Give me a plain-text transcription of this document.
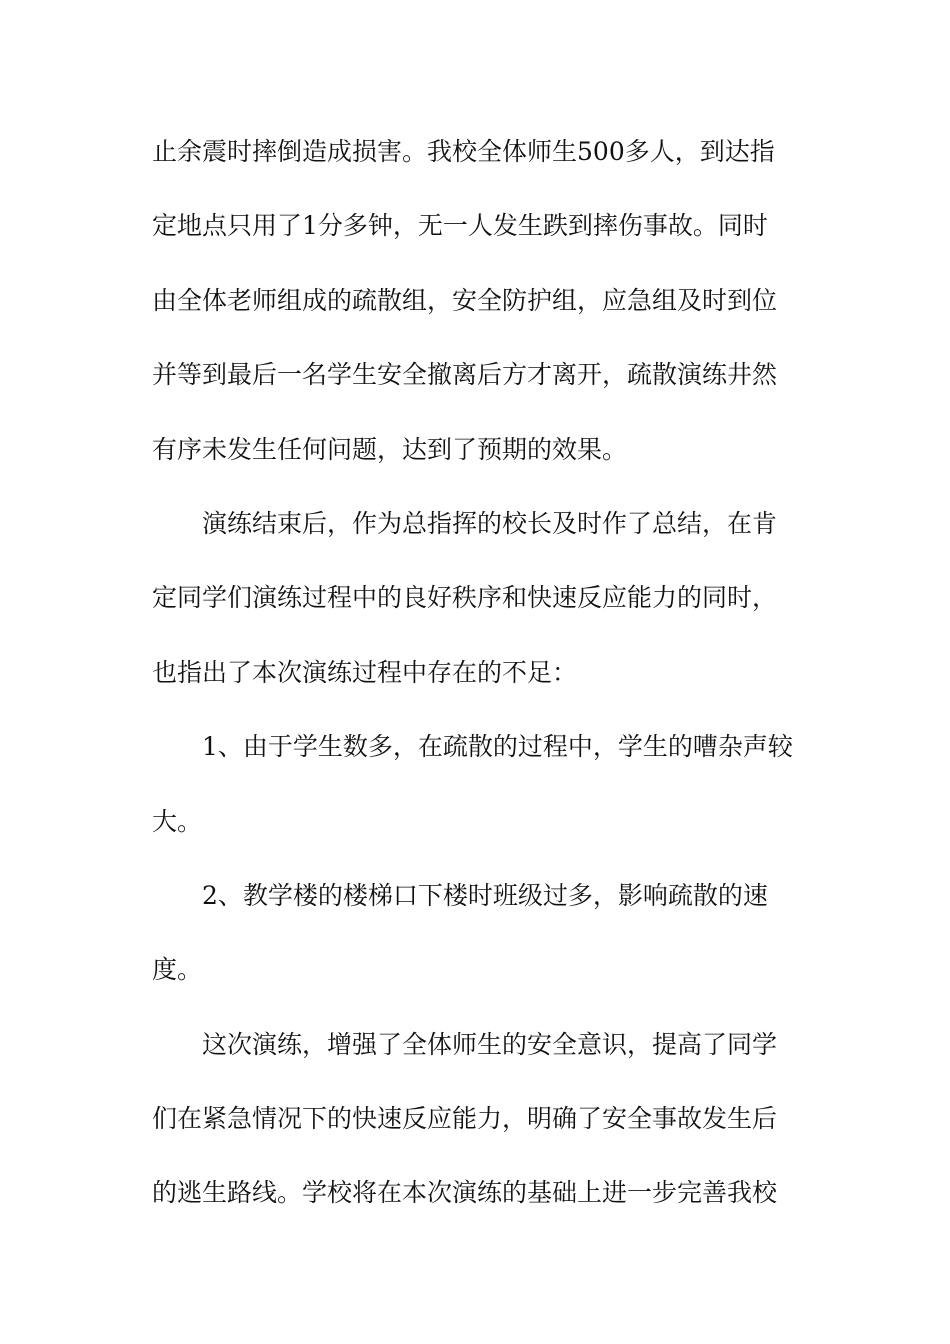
止余震时摔倒造成损害。我校全体师生500多人，到达指
定地点只用了1分多钟，无一人发生跌到摔伤事故。同时
由全体老师组成的疏散组，安全防护组，应急组及时到位
并等到最后一名学生安全撤离后方才离开，疏散演练井然
有序未发生任何问题，达到了预期的效果。
演练结束后，作为总指挥的校长及时作了总结，在肯
定同学们演练过程中的良好秩序和快速反应能力的同时，
也指出了本次演练过程中存在的不足：
1、由于学生数多，在疏散的过程中，学生的嘈杂声较
大。
2、教学楼的楼梯口下楼时班级过多，影响疏散的速
度。
这次演练，增强了全体师生的安全意识，提高了同学
们在紧急情况下的快速反应能力，明确了安全事故发生后
的逃生路线。学校将在本次演练的基础上进一步完善我校
